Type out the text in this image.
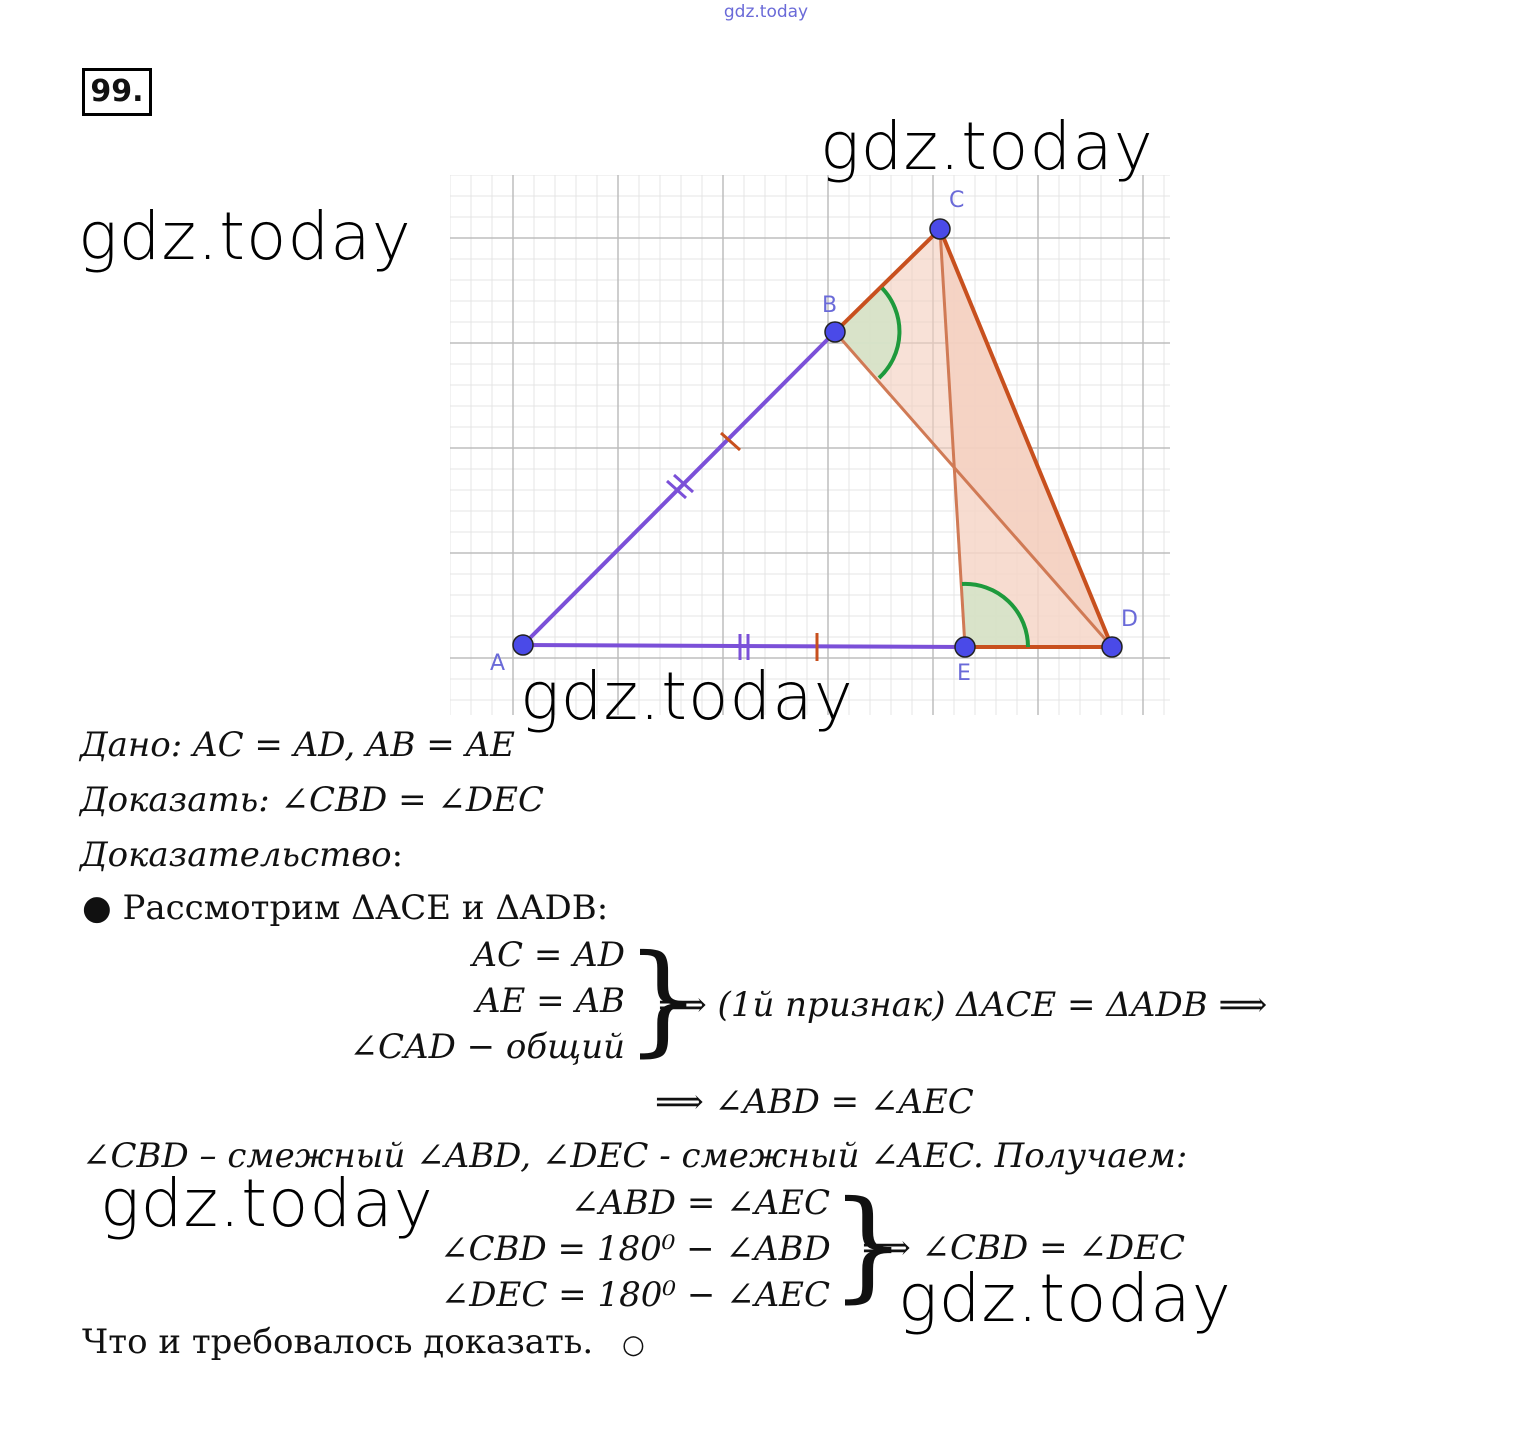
gdz.today
99.
A
B
C
D
E
gdz.today
gdz.today
gdz.today
gdz.today
gdz.today
Дано: AC = AD, AB = AE
Доказать: ∠CBD = ∠DEC
Доказательство:
● Рассмотрим ΔACE и ΔADB:
AC = AD
AE = AB
∠CAD − общий }
⟹ (1й признак) ΔACE = ΔADB ⟹
⟹ ∠ABD = ∠AEC
∠CBD – смежный ∠ABD, ∠DEC - смежный ∠AEC. Получаем:
∠ABD = ∠AEC
∠CBD = 180⁰ − ∠ABD
∠DEC = 180⁰ − ∠AEC }
⟹ ∠CBD = ∠DEC
Что и требовалось доказать. ○
